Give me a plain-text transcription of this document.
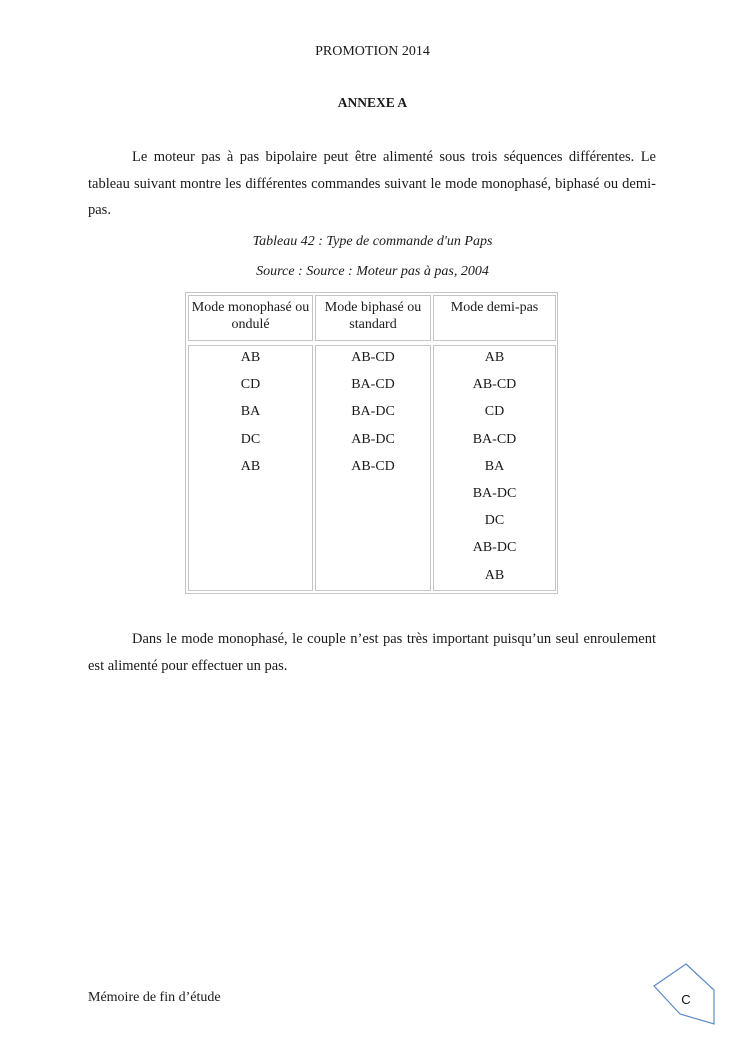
PROMOTION 2014
ANNEXE A
Le moteur pas à pas bipolaire peut être alimenté sous trois séquences différentes. Le tableau suivant montre les différentes commandes suivant le mode monophasé, biphasé ou demi-pas.
Tableau 42 : Type de commande d'un Paps
Source : Source : Moteur pas à pas, 2004
Mode monophasé ou ondulé
AB
CD
BA
DC
AB
Mode biphasé ou standard
AB-CD
BA-CD
BA-DC
AB-DC
AB-CD
Mode demi-pas
AB
AB-CD
CD
BA-CD
BA
BA-DC
DC
AB-DC
AB
Dans le mode monophasé, le couple n’est pas très important puisqu’un seul enroulement est alimenté pour effectuer un pas.
Mémoire de fin d’étude	C
